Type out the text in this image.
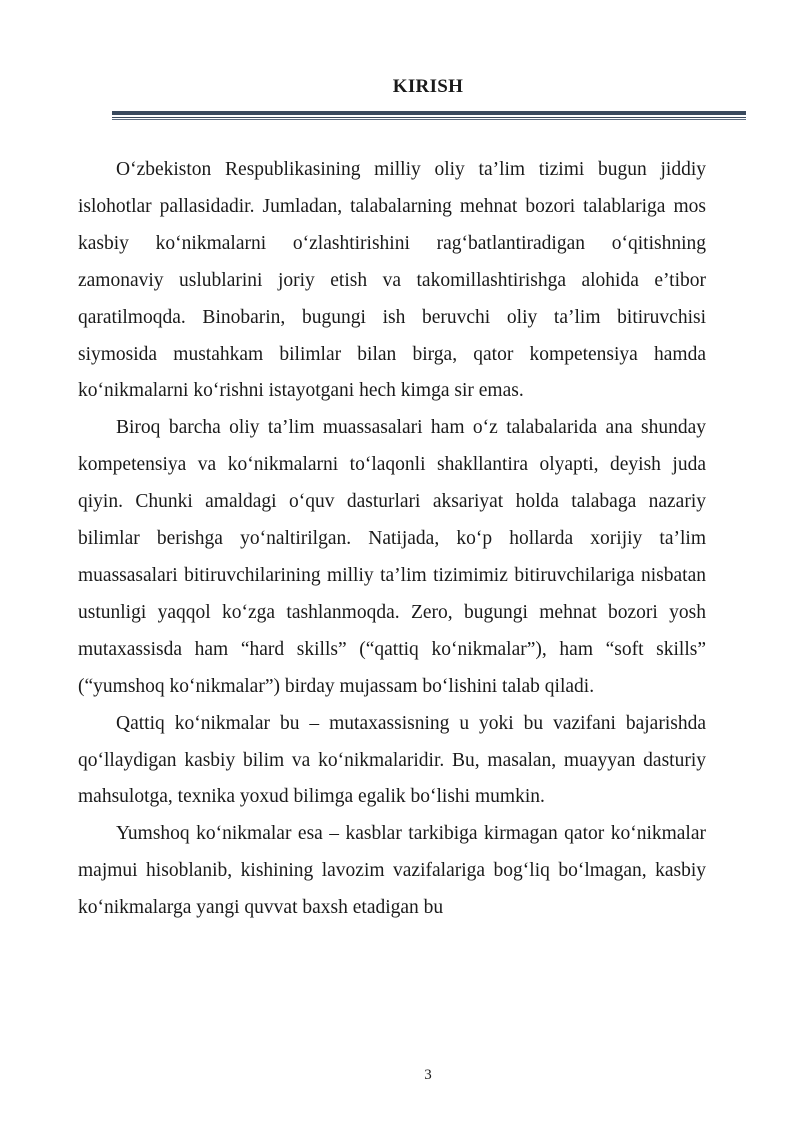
KIRISH

O‘zbekiston Respublikasining milliy oliy ta’lim tizimi bugun jiddiy islohotlar pallasidadir. Jumladan, talabalarning mehnat bozori talablariga mos kasbiy ko‘nikmalarni o‘zlashtirishini rag‘batlantiradigan o‘qitishning zamonaviy uslublarini joriy etish va takomillashtirishga alohida e’tibor qaratilmoqda. Binobarin, bugungi ish beruvchi oliy ta’lim bitiruvchisi siymosida mustahkam bilimlar bilan birga, qator kompetensiya hamda ko‘nikmalarni ko‘rishni istayotgani hech kimga sir emas.

Biroq barcha oliy ta’lim muassasalari ham o‘z talabalarida ana shunday kompetensiya va ko‘nikmalarni to‘laqonli shakllantira olyapti, deyish juda qiyin. Chunki amaldagi o‘quv dasturlari aksariyat holda talabaga nazariy bilimlar berishga yo‘naltirilgan. Natijada, ko‘p hollarda xorijiy ta’lim muassasalari bitiruvchilarining milliy ta’lim tizimimiz bitiruvchilariga nisbatan ustunligi yaqqol ko‘zga tashlanmoqda. Zero, bugungi mehnat bozori yosh mutaxassisda ham “hard skills” (“qattiq ko‘nikmalar”), ham “soft skills” (“yumshoq ko‘nikmalar”) birday mujassam bo‘lishini talab qiladi.

Qattiq ko‘nikmalar bu – mutaxassisning u yoki bu vazifani bajarishda qo‘llaydigan kasbiy bilim va ko‘nikmalaridir. Bu, masalan, muayyan dasturiy mahsulotga, texnika yoxud bilimga egalik bo‘lishi mumkin.

Yumshoq ko‘nikmalar esa – kasblar tarkibiga kirmagan qator ko‘nikmalar majmui hisoblanib, kishining lavozim vazifalariga bog‘liq bo‘lmagan, kasbiy ko‘nikmalarga yangi quvvat baxsh etadigan bu

3
